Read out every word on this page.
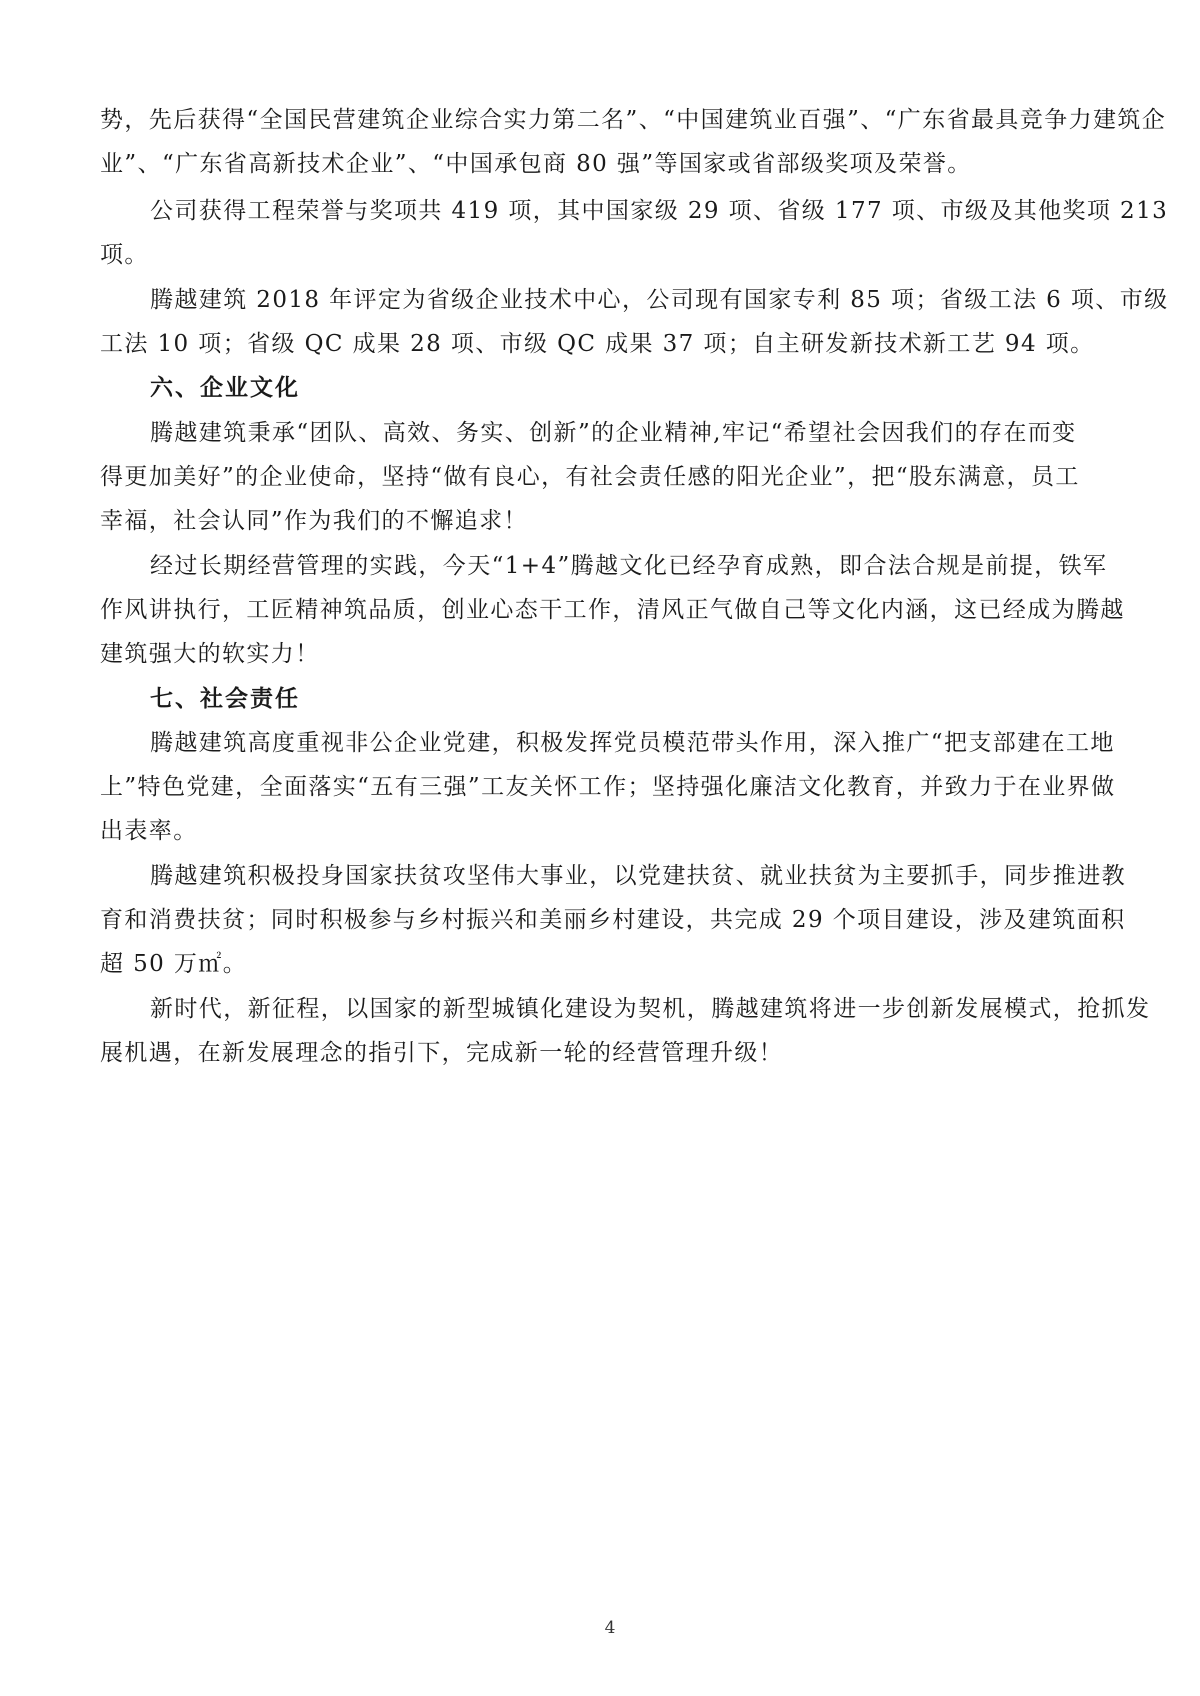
势，先后获得“全国民营建筑企业综合实力第二名”、“中国建筑业百强”、“广东省最具竞争力建筑企
业”、“广东省高新技术企业”、“中国承包商 80 强”等国家或省部级奖项及荣誉。
公司获得工程荣誉与奖项共 419 项，其中国家级 29 项、省级 177 项、市级及其他奖项 213
项。
腾越建筑 2018 年评定为省级企业技术中心，公司现有国家专利 85 项；省级工法 6 项、市级
工法 10 项；省级 QC 成果 28 项、市级 QC 成果 37 项；自主研发新技术新工艺 94 项。
六、企业文化
腾越建筑秉承“团队、高效、务实、创新”的企业精神,牢记“希望社会因我们的存在而变
得更加美好”的企业使命，坚持“做有良心，有社会责任感的阳光企业”，把“股东满意，员工
幸福，社会认同”作为我们的不懈追求！
经过长期经营管理的实践，今天“1+4”腾越文化已经孕育成熟，即合法合规是前提，铁军
作风讲执行，工匠精神筑品质，创业心态干工作，清风正气做自己等文化内涵，这已经成为腾越
建筑强大的软实力！
七、社会责任
腾越建筑高度重视非公企业党建，积极发挥党员模范带头作用，深入推广“把支部建在工地
上”特色党建，全面落实“五有三强”工友关怀工作；坚持强化廉洁文化教育，并致力于在业界做
出表率。
腾越建筑积极投身国家扶贫攻坚伟大事业，以党建扶贫、就业扶贫为主要抓手，同步推进教
育和消费扶贫；同时积极参与乡村振兴和美丽乡村建设，共完成 29 个项目建设，涉及建筑面积
超 50 万㎡。
新时代，新征程，以国家的新型城镇化建设为契机，腾越建筑将进一步创新发展模式，抢抓发
展机遇，在新发展理念的指引下，完成新一轮的经营管理升级！
4
